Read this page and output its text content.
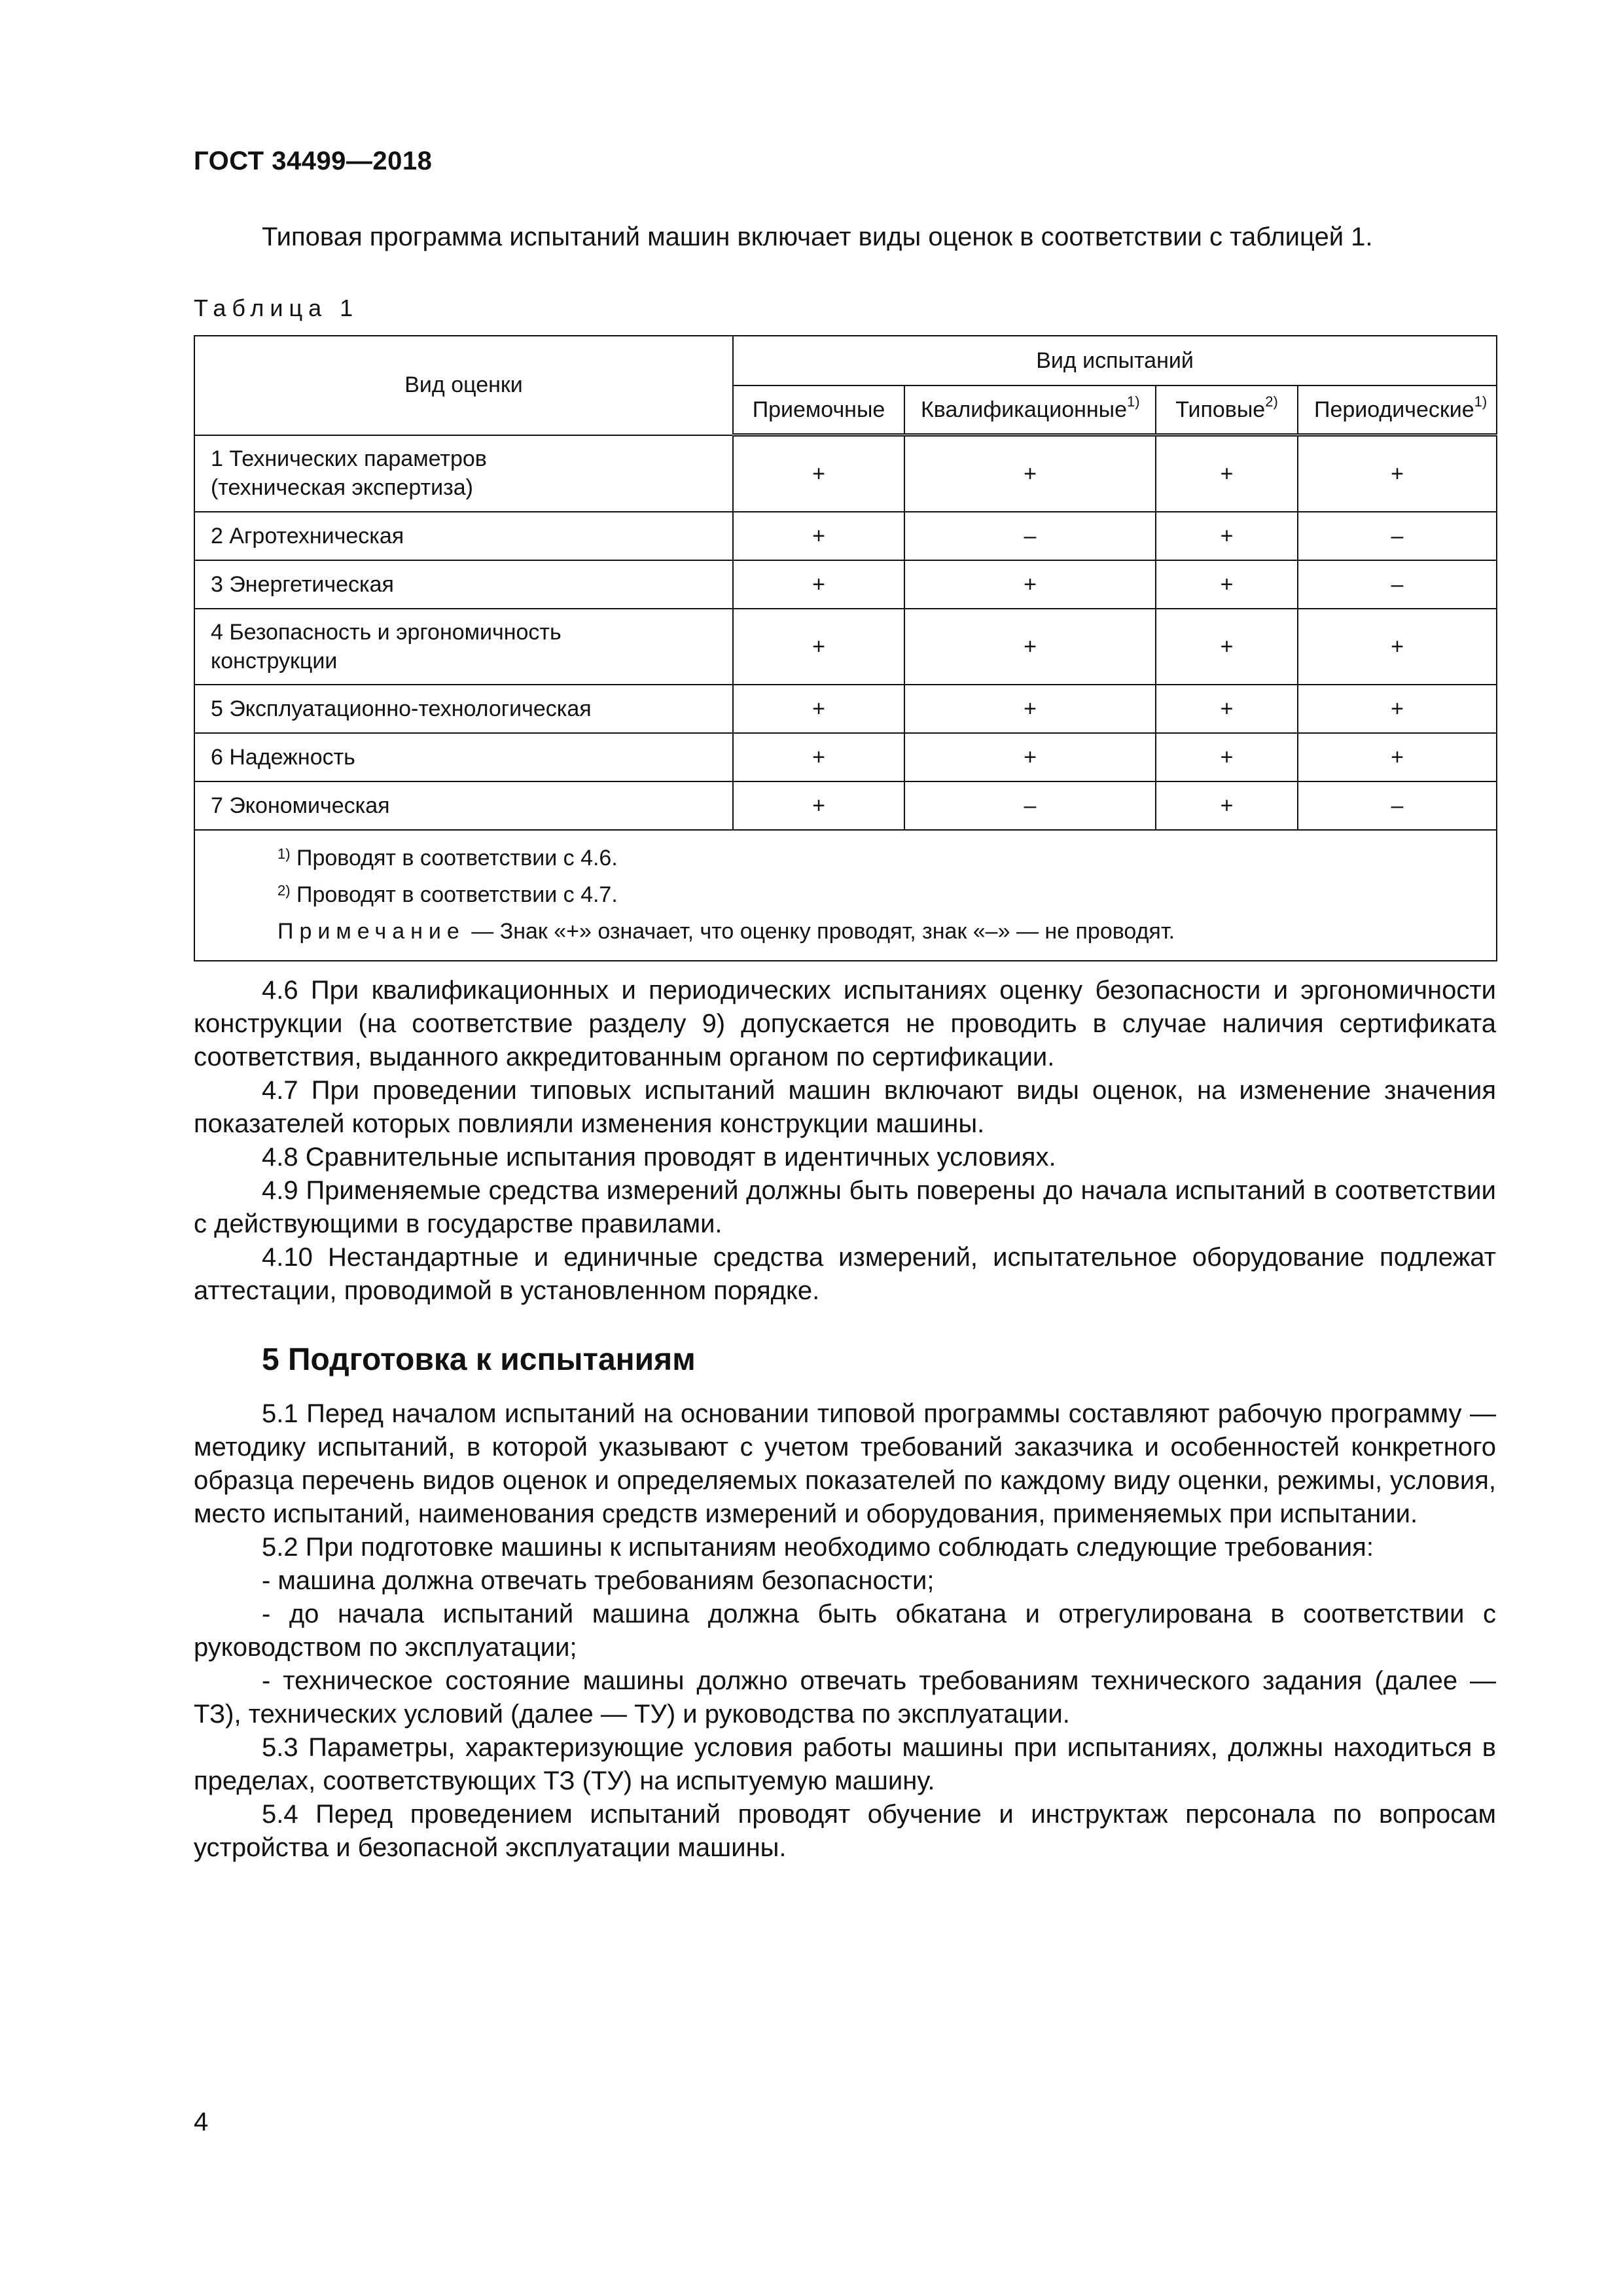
ГОСТ 34499—2018
Типовая программа испытаний машин включает виды оценок в соответствии с таблицей 1.
Таблица 1
Вид оценки	Вид испытаний			
	Приемочные	Квалификационные$^{1)}$	Типовые$^{2)}$	Периодические$^{1)}$
1 Технических параметров
(техническая экспертиза)	+	+	+	+
2 Агротехническая	+	–	+	–
3 Энергетическая	+	+	+	–
4 Безопасность и эргономичность
конструкции	+	+	+	+
5 Эксплуатационно-технологическая	+	+	+	+
6 Надежность	+	+	+	+
7 Экономическая	+	–	+	–

$^{1)}$ Проводят в соответствии с 4.6.
$^{2)}$ Проводят в соответствии с 4.7.
Примечание — Знак «+» означает, что оценку проводят, знак «–» — не проводят.				

4.6 При квалификационных и периодических испытаниях оценку безопасности и эргономичности конструкции (на соответствие разделу 9) допускается не проводить в случае наличия сертификата соответствия, выданного аккредитованным органом по сертификации.

4.7 При проведении типовых испытаний машин включают виды оценок, на изменение значения показателей которых повлияли изменения конструкции машины.

4.8 Сравнительные испытания проводят в идентичных условиях.

4.9 Применяемые средства измерений должны быть поверены до начала испытаний в соответствии с действующими в государстве правилами.

4.10 Нестандартные и единичные средства измерений, испытательное оборудование подлежат аттестации, проводимой в установленном порядке.

5 Подготовка к испытаниям

5.1 Перед началом испытаний на основании типовой программы составляют рабочую программу — методику испытаний, в которой указывают с учетом требований заказчика и особенностей конкретного образца перечень видов оценок и определяемых показателей по каждому виду оценки, режимы, условия, место испытаний, наименования средств измерений и оборудования, применяемых при испытании.

5.2 При подготовке машины к испытаниям необходимо соблюдать следующие требования:

- машина должна отвечать требованиям безопасности;

- до начала испытаний машина должна быть обкатана и отрегулирована в соответствии с руководством по эксплуатации;

- техническое состояние машины должно отвечать требованиям технического задания (далее — ТЗ), технических условий (далее — ТУ) и руководства по эксплуатации.

5.3 Параметры, характеризующие условия работы машины при испытаниях, должны находиться в пределах, соответствующих ТЗ (ТУ) на испытуемую машину.

5.4 Перед проведением испытаний проводят обучение и инструктаж персонала по вопросам устройства и безопасной эксплуатации машины.

4
